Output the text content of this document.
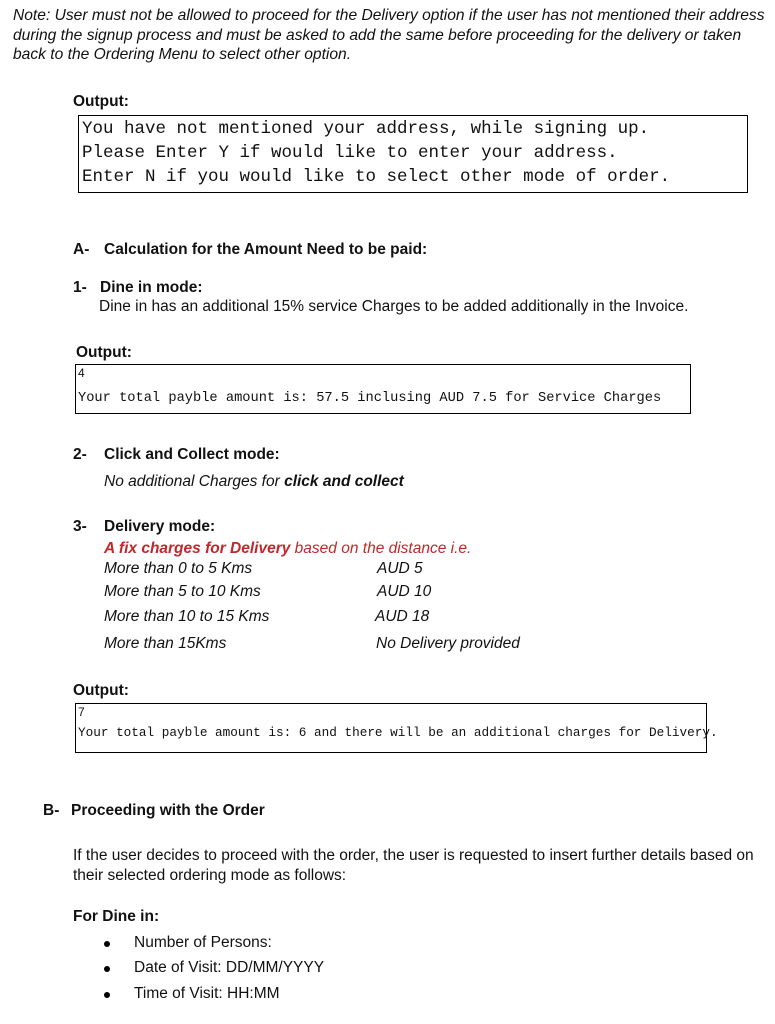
Note: User must not be allowed to proceed for the Delivery option if the user has not mentioned their address during the signup process and must be asked to add the same before proceeding for the delivery or taken back to the Ordering Menu to select other option.
Output:
You have not mentioned your address, while signing up.
Please Enter Y if would like to enter your address.
Enter N if you would like to select other mode of order.
A- Calculation for the Amount Need to be paid:
1- Dine in mode:
Dine in has an additional 15% service Charges to be added additionally in the Invoice.
Output:
4
Your total payble amount is: 57.5 inclusing AUD 7.5 for Service Charges
2- Click and Collect mode:
No additional Charges for click and collect
3- Delivery mode:
A fix charges for Delivery based on the distance i.e.
More than 0 to 5 Kms	AUD 5
More than 5 to 10 Kms	AUD 10
More than 10 to 15 Kms	AUD 18
More than 15Kms	No Delivery provided
Output:
7
Your total payble amount is: 6 and there will be an additional charges for Delivery.
B- Proceeding with the Order
If the user decides to proceed with the order, the user is requested to insert further details based on their selected ordering mode as follows:
For Dine in:
Number of Persons:
Date of Visit: DD/MM/YYYY
Time of Visit: HH:MM
